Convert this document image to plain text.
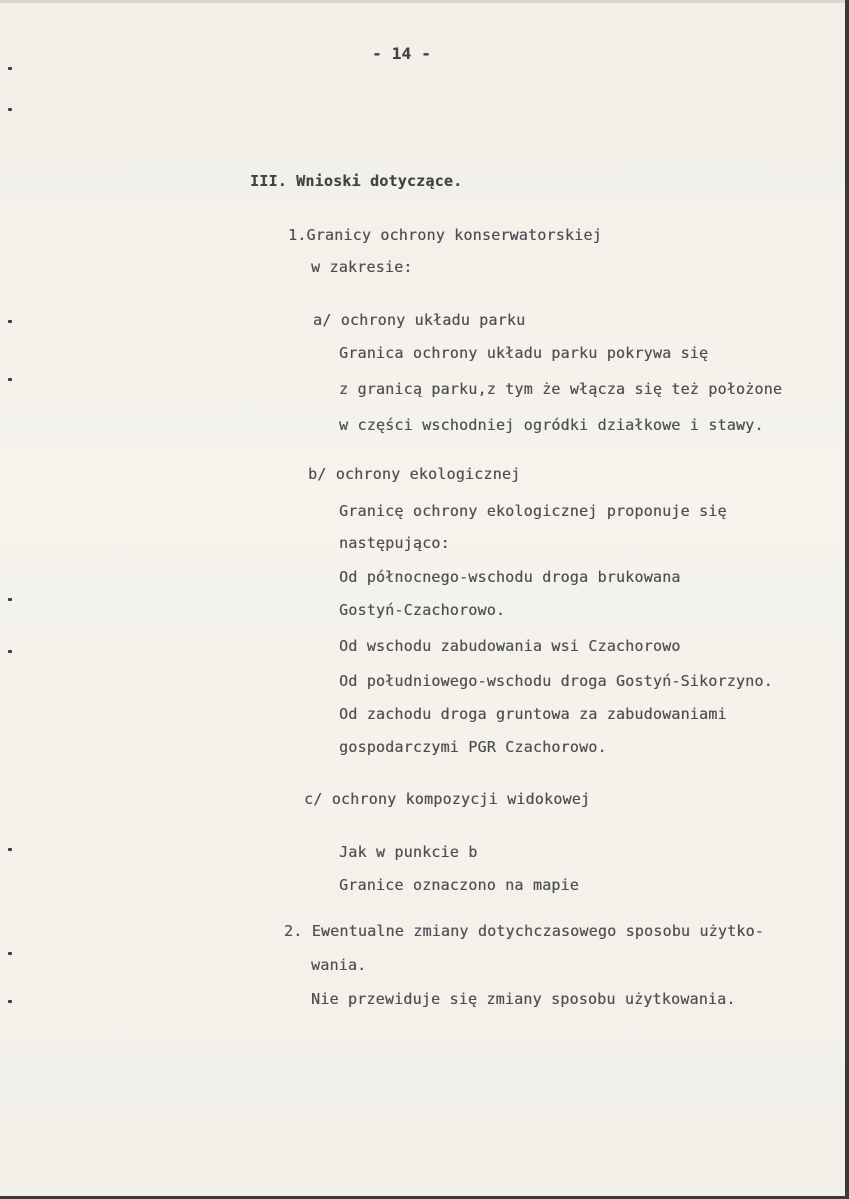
- 14 -
III. Wnioski dotyczące.
1.Granicy ochrony konserwatorskiej
w zakresie:
a/ ochrony układu parku
Granica ochrony układu parku pokrywa się
z granicą parku,z tym że włącza się też położone
w części wschodniej ogródki działkowe i stawy.
b/ ochrony ekologicznej
Granicę ochrony ekologicznej proponuje się
następująco:
Od północnego-wschodu droga brukowana
Gostyń-Czachorowo.
Od wschodu zabudowania wsi Czachorowo
Od południowego-wschodu droga Gostyń-Sikorzyno.
Od zachodu droga gruntowa za zabudowaniami
gospodarczymi PGR Czachorowo.
c/ ochrony kompozycji widokowej
Jak w punkcie b
Granice oznaczono na mapie
2. Ewentualne zmiany dotychczasowego sposobu użytko-
wania.
Nie przewiduje się zmiany sposobu użytkowania.
